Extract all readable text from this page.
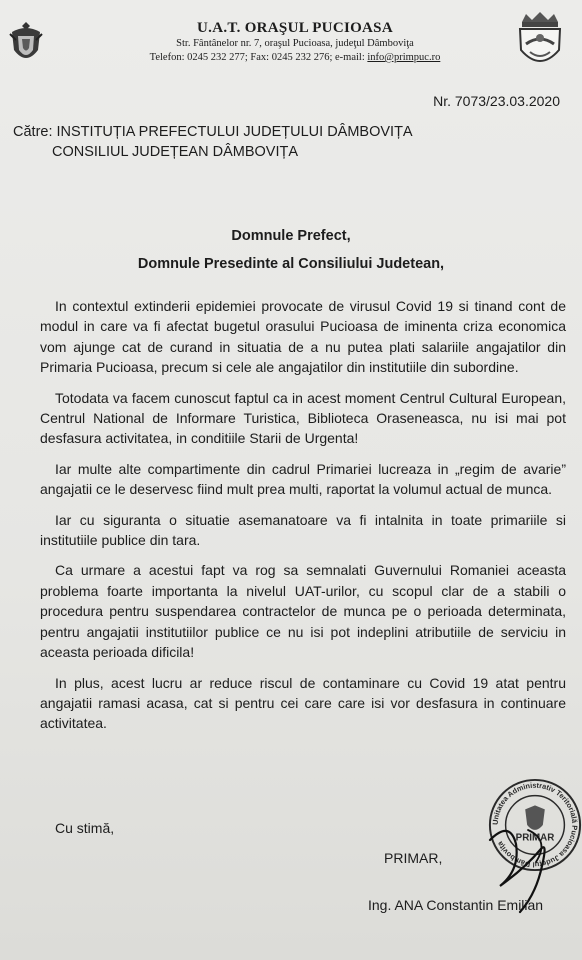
U.A.T. ORAŞUL PUCIOASA
Str. Fântânelor nr. 7, oraşul Pucioasa, judeţul Dâmboviţa
Telefon: 0245 232 277; Fax: 0245 232 276; e-mail: info@primpuc.ro
Nr. 7073/23.03.2020
Către: INSTITUȚIA PREFECTULUI JUDEȚULUI DÂMBOVIȚA
CONSILIUL JUDEȚEAN DÂMBOVIȚA
Domnule Prefect,
Domnule Presedinte al Consiliului Judetean,

In contextul extinderii epidemiei provocate de virusul Covid 19 si tinand cont de modul in care va fi afectat bugetul orasului Pucioasa de iminenta criza economica vom ajunge cat de curand in situatia de a nu putea plati salariile angajatilor din Primaria Pucioasa, precum si cele ale angajatilor din institutiile din subordine.

Totodata va facem cunoscut faptul ca in acest moment Centrul Cultural European, Centrul National de Informare Turistica, Biblioteca Oraseneasca, nu isi mai pot desfasura activitatea, in conditiile Starii de Urgenta!

Iar multe alte compartimente din cadrul Primariei lucreaza in „regim de avarie” angajatii ce le deservesc fiind mult prea multi, raportat la volumul actual de munca.

Iar cu siguranta o situatie asemanatoare va fi intalnita in toate primariile si institutiile publice din tara.

Ca urmare a acestui fapt va rog sa semnalati Guvernului Romaniei aceasta problema foarte importanta la nivelul UAT-urilor, cu scopul clar de a stabili o procedura pentru suspendarea contractelor de munca pe o perioada determinata, pentru angajatii institutiilor publice ce nu isi pot indeplini atributiile de serviciu in aceasta perioada dificila!

In plus, acest lucru ar reduce riscul de contaminare cu Covid 19 atat pentru angajatii ramasi acasa, cat si pentru cei care care isi vor desfasura in continuare activitatea.

Cu stimă,
PRIMAR,
Ing. ANA Constantin Emilian
Unitatea Administrativ Teritorială Pucioasa Județul Dâmbovița
PRIMAR
